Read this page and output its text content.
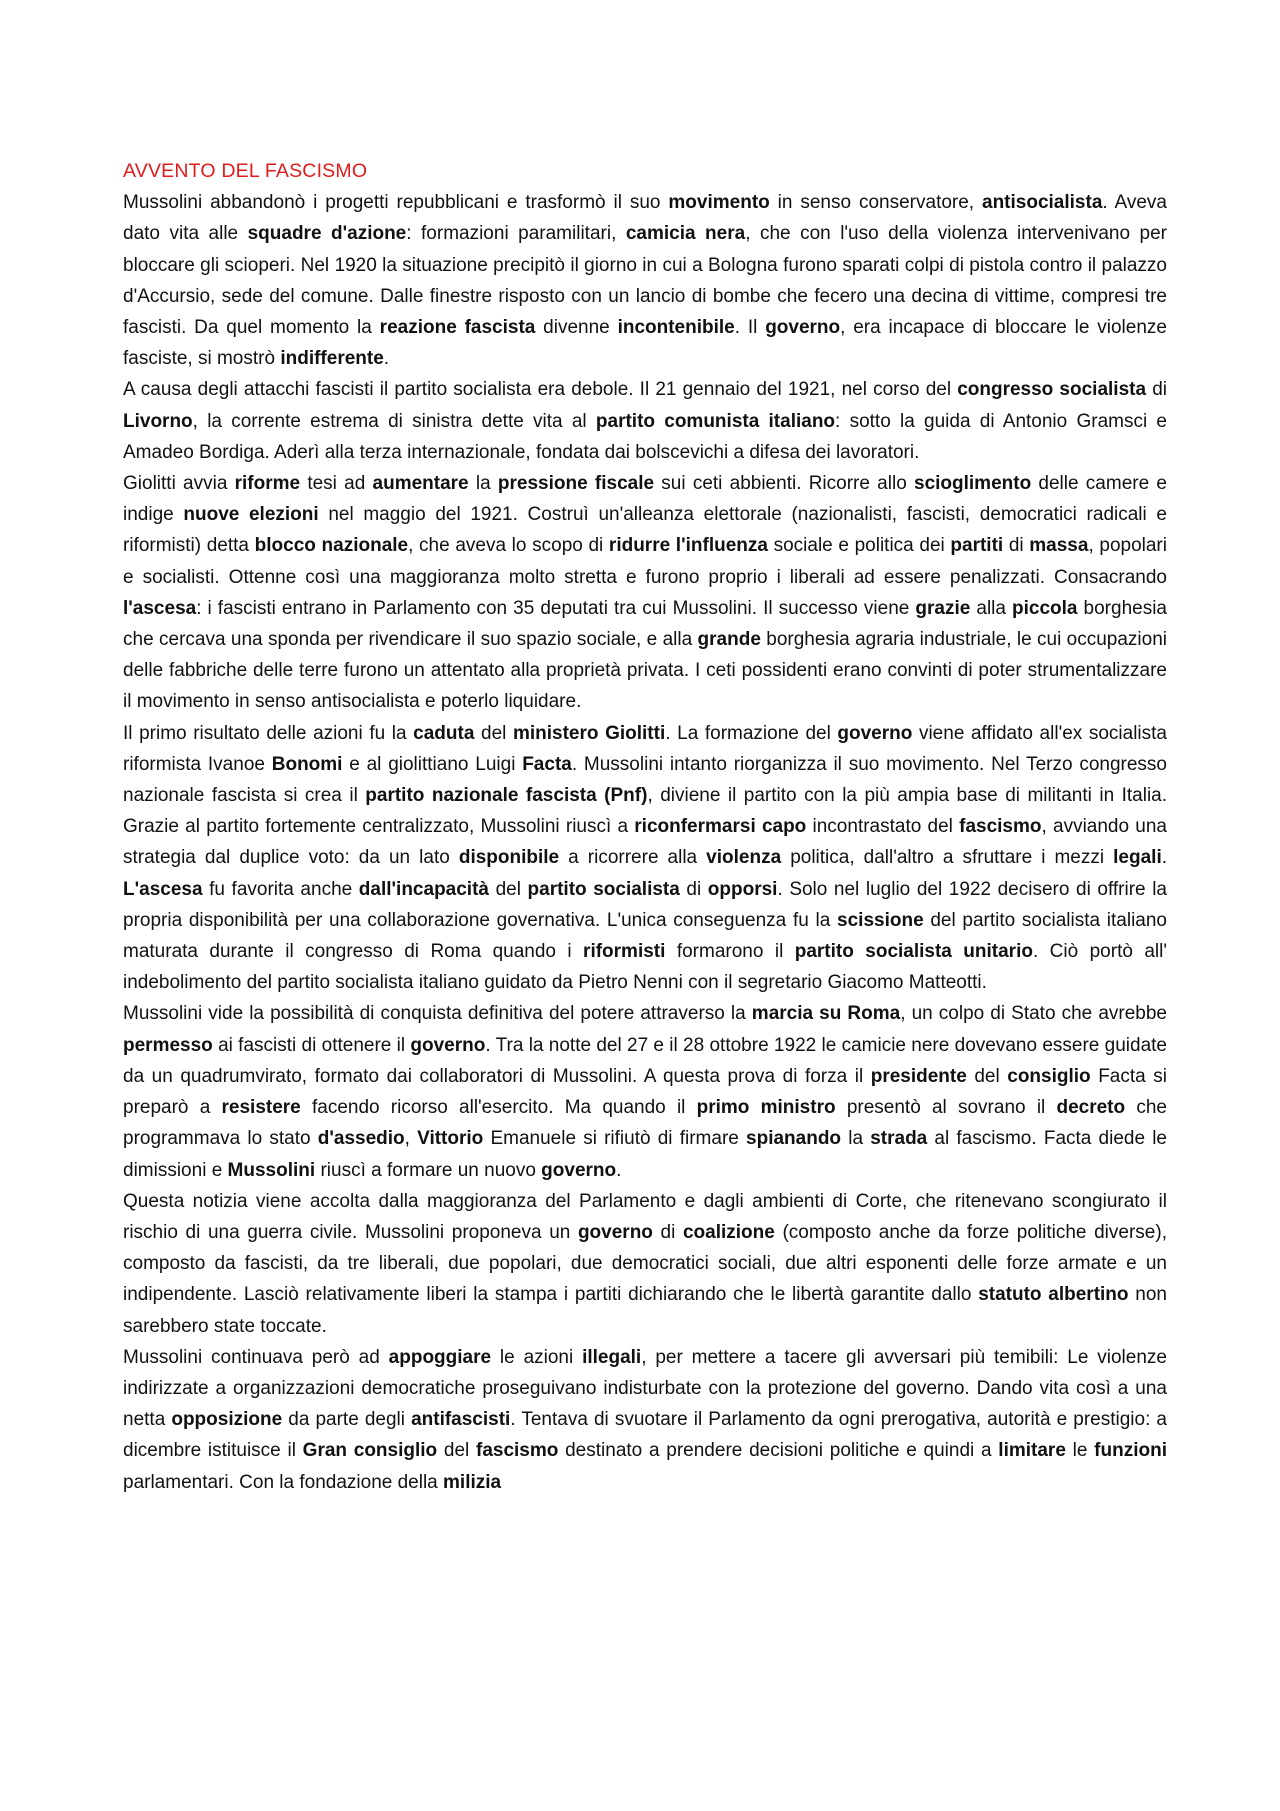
AVVENTO DEL FASCISMO

Mussolini abbandonò i progetti repubblicani e trasformò il suo movimento in senso conservatore, antisocialista. Aveva dato vita alle squadre d'azione: formazioni paramilitari, camicia nera, che con l'uso della violenza intervenivano per bloccare gli scioperi. Nel 1920 la situazione precipitò il giorno in cui a Bologna furono sparati colpi di pistola contro il palazzo d'Accursio, sede del comune. Dalle finestre risposto con un lancio di bombe che fecero una decina di vittime, compresi tre fascisti. Da quel momento la reazione fascista divenne incontenibile. Il governo, era incapace di bloccare le violenze fasciste, si mostrò indifferente.

A causa degli attacchi fascisti il partito socialista era debole. Il 21 gennaio del 1921, nel corso del congresso socialista di Livorno, la corrente estrema di sinistra dette vita al partito comunista italiano: sotto la guida di Antonio Gramsci e Amadeo Bordiga. Aderì alla terza internazionale, fondata dai bolscevichi a difesa dei lavoratori.

Giolitti avvia riforme tesi ad aumentare la pressione fiscale sui ceti abbienti. Ricorre allo scioglimento delle camere e indige nuove elezioni nel maggio del 1921. Costruì un'alleanza elettorale (nazionalisti, fascisti, democratici radicali e riformisti) detta blocco nazionale, che aveva lo scopo di ridurre l'influenza sociale e politica dei partiti di massa, popolari e socialisti. Ottenne così una maggioranza molto stretta e furono proprio i liberali ad essere penalizzati. Consacrando l'ascesa: i fascisti entrano in Parlamento con 35 deputati tra cui Mussolini. Il successo viene grazie alla piccola borghesia che cercava una sponda per rivendicare il suo spazio sociale, e alla grande borghesia agraria industriale, le cui occupazioni delle fabbriche delle terre furono un attentato alla proprietà privata. I ceti possidenti erano convinti di poter strumentalizzare il movimento in senso antisocialista e poterlo liquidare.

Il primo risultato delle azioni fu la caduta del ministero Giolitti. La formazione del governo viene affidato all'ex socialista riformista Ivanoe Bonomi e al giolittiano Luigi Facta. Mussolini intanto riorganizza il suo movimento. Nel Terzo congresso nazionale fascista si crea il partito nazionale fascista (Pnf), diviene il partito con la più ampia base di militanti in Italia. Grazie al partito fortemente centralizzato, Mussolini riuscì a riconfermarsi capo incontrastato del fascismo, avviando una strategia dal duplice voto: da un lato disponibile a ricorrere alla violenza politica, dall'altro a sfruttare i mezzi legali. L'ascesa fu favorita anche dall'incapacità del partito socialista di opporsi. Solo nel luglio del 1922 decisero di offrire la propria disponibilità per una collaborazione governativa. L'unica conseguenza fu la scissione del partito socialista italiano maturata durante il congresso di Roma quando i riformisti formarono il partito socialista unitario. Ciò portò all' indebolimento del partito socialista italiano guidato da Pietro Nenni con il segretario Giacomo Matteotti.

Mussolini vide la possibilità di conquista definitiva del potere attraverso la marcia su Roma, un colpo di Stato che avrebbe permesso ai fascisti di ottenere il governo. Tra la notte del 27 e il 28 ottobre 1922 le camicie nere dovevano essere guidate da un quadrumvirato, formato dai collaboratori di Mussolini. A questa prova di forza il presidente del consiglio Facta si preparò a resistere facendo ricorso all'esercito. Ma quando il primo ministro presentò al sovrano il decreto che programmava lo stato d'assedio, Vittorio Emanuele si rifiutò di firmare spianando la strada al fascismo. Facta diede le dimissioni e Mussolini riuscì a formare un nuovo governo.

Questa notizia viene accolta dalla maggioranza del Parlamento e dagli ambienti di Corte, che ritenevano scongiurato il rischio di una guerra civile. Mussolini proponeva un governo di coalizione (composto anche da forze politiche diverse), composto da fascisti, da tre liberali, due popolari, due democratici sociali, due altri esponenti delle forze armate e un indipendente. Lasciò relativamente liberi la stampa i partiti dichiarando che le libertà garantite dallo statuto albertino non sarebbero state toccate.

Mussolini continuava però ad appoggiare le azioni illegali, per mettere a tacere gli avversari più temibili: Le violenze indirizzate a organizzazioni democratiche proseguivano indisturbate con la protezione del governo. Dando vita così a una netta opposizione da parte degli antifascisti. Tentava di svuotare il Parlamento da ogni prerogativa, autorità e prestigio: a dicembre istituisce il Gran consiglio del fascismo destinato a prendere decisioni politiche e quindi a limitare le funzioni parlamentari. Con la fondazione della milizia
